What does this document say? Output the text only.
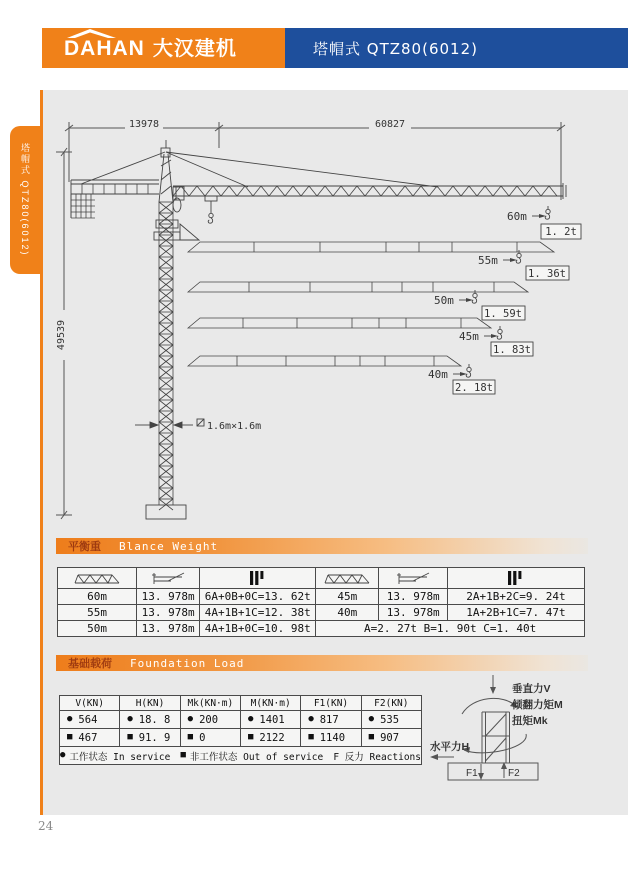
DAHAN 大汉建机	塔帽式 QTZ80(6012)
塔帽式 QTZ80(6012)
13978	60827
49539
1.6m×1.6m
60m
1. 2t
55m
1. 36t
50m
1. 59t
45m
1. 83t
40m
2. 18t
平衡重 Blance Weight

60m	13. 978m	6A+0B+0C=13. 62t	45m	13. 978m	2A+1B+2C=9. 24t
55m	13. 978m	4A+1B+1C=12. 38t	40m	13. 978m	1A+2B+1C=7. 47t
50m	13. 978m	4A+1B+0C=10. 98t	A=2. 27t B=1. 90t C=1. 40t		
基础载荷 Foundation Load
V(KN)	H(KN)	Mk(KN·m)	M(KN·m)	F1(KN)	F2(KN)

● 564	● 18. 8	● 200	● 1401	● 817	● 535

■ 467	■ 91. 9	■ 0	■ 2122	■ 1140	■ 907

● 工作状态 In service ■ 非工作状态 Out of service F 反力 Reactions					
垂直力V
倾翻力矩M
扭矩Mk
水平力H
F1	F2
24
